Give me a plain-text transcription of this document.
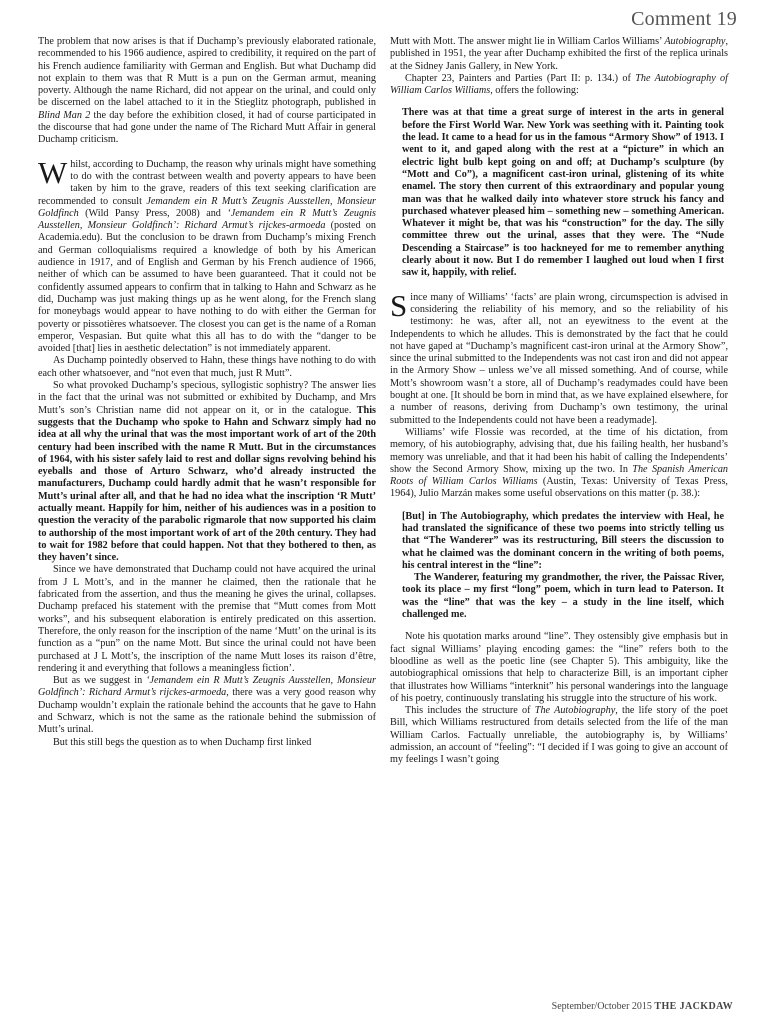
Comment 19

The problem that now arises is that if Duchamp’s previously elaborated rationale, recommended to his 1966 audience, aspired to credibility, it required on the part of his French audience familiarity with German and English. But what Duchamp did not explain to them was that R Mutt is a pun on the German armut, meaning poverty. Although the name Richard, did not appear on the urinal, and could only be discerned on the label attached to it in the Stieglitz photograph, published in Blind Man 2 the day before the exhibition closed, it had of course participated in the discourse that had gone under the name of The Richard Mutt Affair in general Duchamp criticism.

Whilst, according to Duchamp, the reason why urinals might have something to do with the contrast between wealth and poverty appears to have been taken by him to the grave, readers of this text seeking clarification are recommended to consult Jemandem ein R Mutt’s Zeugnis Ausstellen, Monsieur Goldfinch (Wild Pansy Press, 2008) and ‘Jemandem ein R Mutt’s Zeugnis Ausstellen, Monsieur Goldfinch’: Richard Armut’s rijckes-armoeda (posted on Academia.edu). But the conclusion to be drawn from Duchamp’s mixing French and German colloquialisms required a knowledge of both by his American audience in 1917, and of English and German by his French audience of 1966, neither of which can be assumed to have been guaranteed. That it could not be confidently assumed appears to confirm that in talking to Hahn and Schwarz as he did, Duchamp was just making things up as he went along, for the French slang for moneybags would appear to have nothing to do with either the German for poverty or pissotières whatsoever. The closest you can get is the name of a Roman emperor, Vespasian. But quite what this all has to do with the “danger to be avoided [that] lies in aesthetic delectation” is not immediately apparent.

As Duchamp pointedly observed to Hahn, these things have nothing to do with each other whatsoever, and “not even that much, just R Mutt”.

So what provoked Duchamp’s specious, syllogistic sophistry? The answer lies in the fact that the urinal was not submitted or exhibited by Duchamp, and Mrs Mutt’s son’s Christian name did not appear on it, or in the catalogue. This suggests that the Duchamp who spoke to Hahn and Schwarz simply had no idea at all why the urinal that was the most important work of art of the 20th century had been inscribed with the name R Mutt. But in the circumstances of 1964, with his sister safely laid to rest and dollar signs revolving behind his eyeballs and those of Arturo Schwarz, who’d already instructed the manufacturers, Duchamp could hardly admit that he wasn’t responsible for Mutt’s urinal after all, and that he had no idea what the inscription ‘R Mutt’ actually meant. Happily for him, neither of his audiences was in a position to question the veracity of the parabolic rigmarole that now supported his claim to authorship of the most important work of art of the 20th century. They had to wait for 1982 before that could happen. Not that they bothered to then, as they haven’t since.

Since we have demonstrated that Duchamp could not have acquired the urinal from J L Mott’s, and in the manner he claimed, then the rationale that he fabricated from the assertion, and thus the meaning he gives the urinal, collapses. Duchamp prefaced his statement with the premise that “Mutt comes from Mott works”, and his subsequent elaboration is entirely predicated on this assertion. Therefore, the only reason for the inscription of the name ‘Mutt’ on the urinal is its function as a “pun” on the name Mott. But since the urinal could not have been purchased at J L Mott’s, the inscription of the name Mutt loses its raison d’être, rendering it and everything that follows a meaningless fiction’.

But as we suggest in ‘Jemandem ein R Mutt’s Zeugnis Ausstellen, Monsieur Goldfinch’: Richard Armut’s rijckes-armoeda, there was a very good reason why Duchamp wouldn’t explain the rationale behind the accounts that he gave to Hahn and Schwarz, which is not the same as the rationale behind the submission of Mutt’s urinal.

But this still begs the question as to when Duchamp first linked

Mutt with Mott. The answer might lie in William Carlos Williams’ Autobiography, published in 1951, the year after Duchamp exhibited the first of the replica urinals at the Sidney Janis Gallery, in New York.

Chapter 23, Painters and Parties (Part II: p. 134.) of The Autobiography of William Carlos Williams, offers the following:

There was at that time a great surge of interest in the arts in general before the First World War. New York was seething with it. Painting took the lead. It came to a head for us in the famous “Armory Show” of 1913. I went to it, and gaped along with the rest at a “picture” in which an electric light bulb kept going on and off; at Duchamp’s sculpture (by “Mott and Co”), a magnificent cast-iron urinal, glistening of its white enamel. The story then current of this extraordinary and popular young man was that he walked daily into whatever store struck his fancy and purchased whatever pleased him – something new – something American. Whatever it might be, that was his “construction” for the day. The silly committee threw out the urinal, asses that they were. The “Nude Descending a Staircase” is too hackneyed for me to remember anything clearly about it now. But I do remember I laughed out loud when I first saw it, happily, with relief.

Since many of Williams’ ‘facts’ are plain wrong, circumspection is advised in considering the reliability of his memory, and so the reliability of his testimony: he was, after all, not an eyewitness to the event at the Independents to which he alludes. This is demonstrated by the fact that he could not have gaped at “Duchamp’s magnificent cast-iron urinal at the Armory Show”, since the urinal submitted to the Independents was not cast iron and did not appear in the Armory Show – unless we’ve all missed something. And of course, while Mott’s showroom wasn’t a store, all of Duchamp’s readymades could have been bought at one. [It should be born in mind that, as we have explained elsewhere, for a number of reasons, deriving from Duchamp’s own testimony, the urinal submitted to the Independents could not have been a readymade].

Williams’ wife Flossie was recorded, at the time of his dictation, from memory, of his autobiography, advising that, due his failing health, her husband’s memory was unreliable, and that it had been his habit of calling the Independents’ show the Second Armory Show, mixing up the two. In The Spanish American Roots of William Carlos Williams (Austin, Texas: University of Texas Press, 1964), Julio Marzán makes some useful observations on this matter (p. 38.):

[But] in The Autobiography, which predates the interview with Heal, he had translated the significance of these two poems into strictly telling us that “The Wanderer” was its restructuring, Bill steers the discussion to what he claimed was the dominant concern in the writing of both poems, his central interest in the “line”:

The Wanderer, featuring my grandmother, the river, the Paissac River, took its place – my first “long” poem, which in turn lead to Paterson. It was the “line” that was the key – a study in the line itself, which challenged me.

Note his quotation marks around “line”. They ostensibly give emphasis but in fact signal Williams’ playing encoding games: the “line” refers both to the bloodline as well as the poetic line (see Chapter 5). This ambiguity, like the autobiographical omissions that help to characterize Bill, is an important cipher that illustrates how Williams “interknit” his personal wanderings into the language of his poetry, continuously translating his struggle into the structure of his work.

This includes the structure of The Autobiography, the life story of the poet Bill, which Williams restructured from details selected from the life of the man William Carlos. Factually unreliable, the autobiography is, by Williams’ admission, an account of “feeling”: “I decided if I was going to give an account of my feelings I wasn’t going

September/October 2015 THE JACKDAW
